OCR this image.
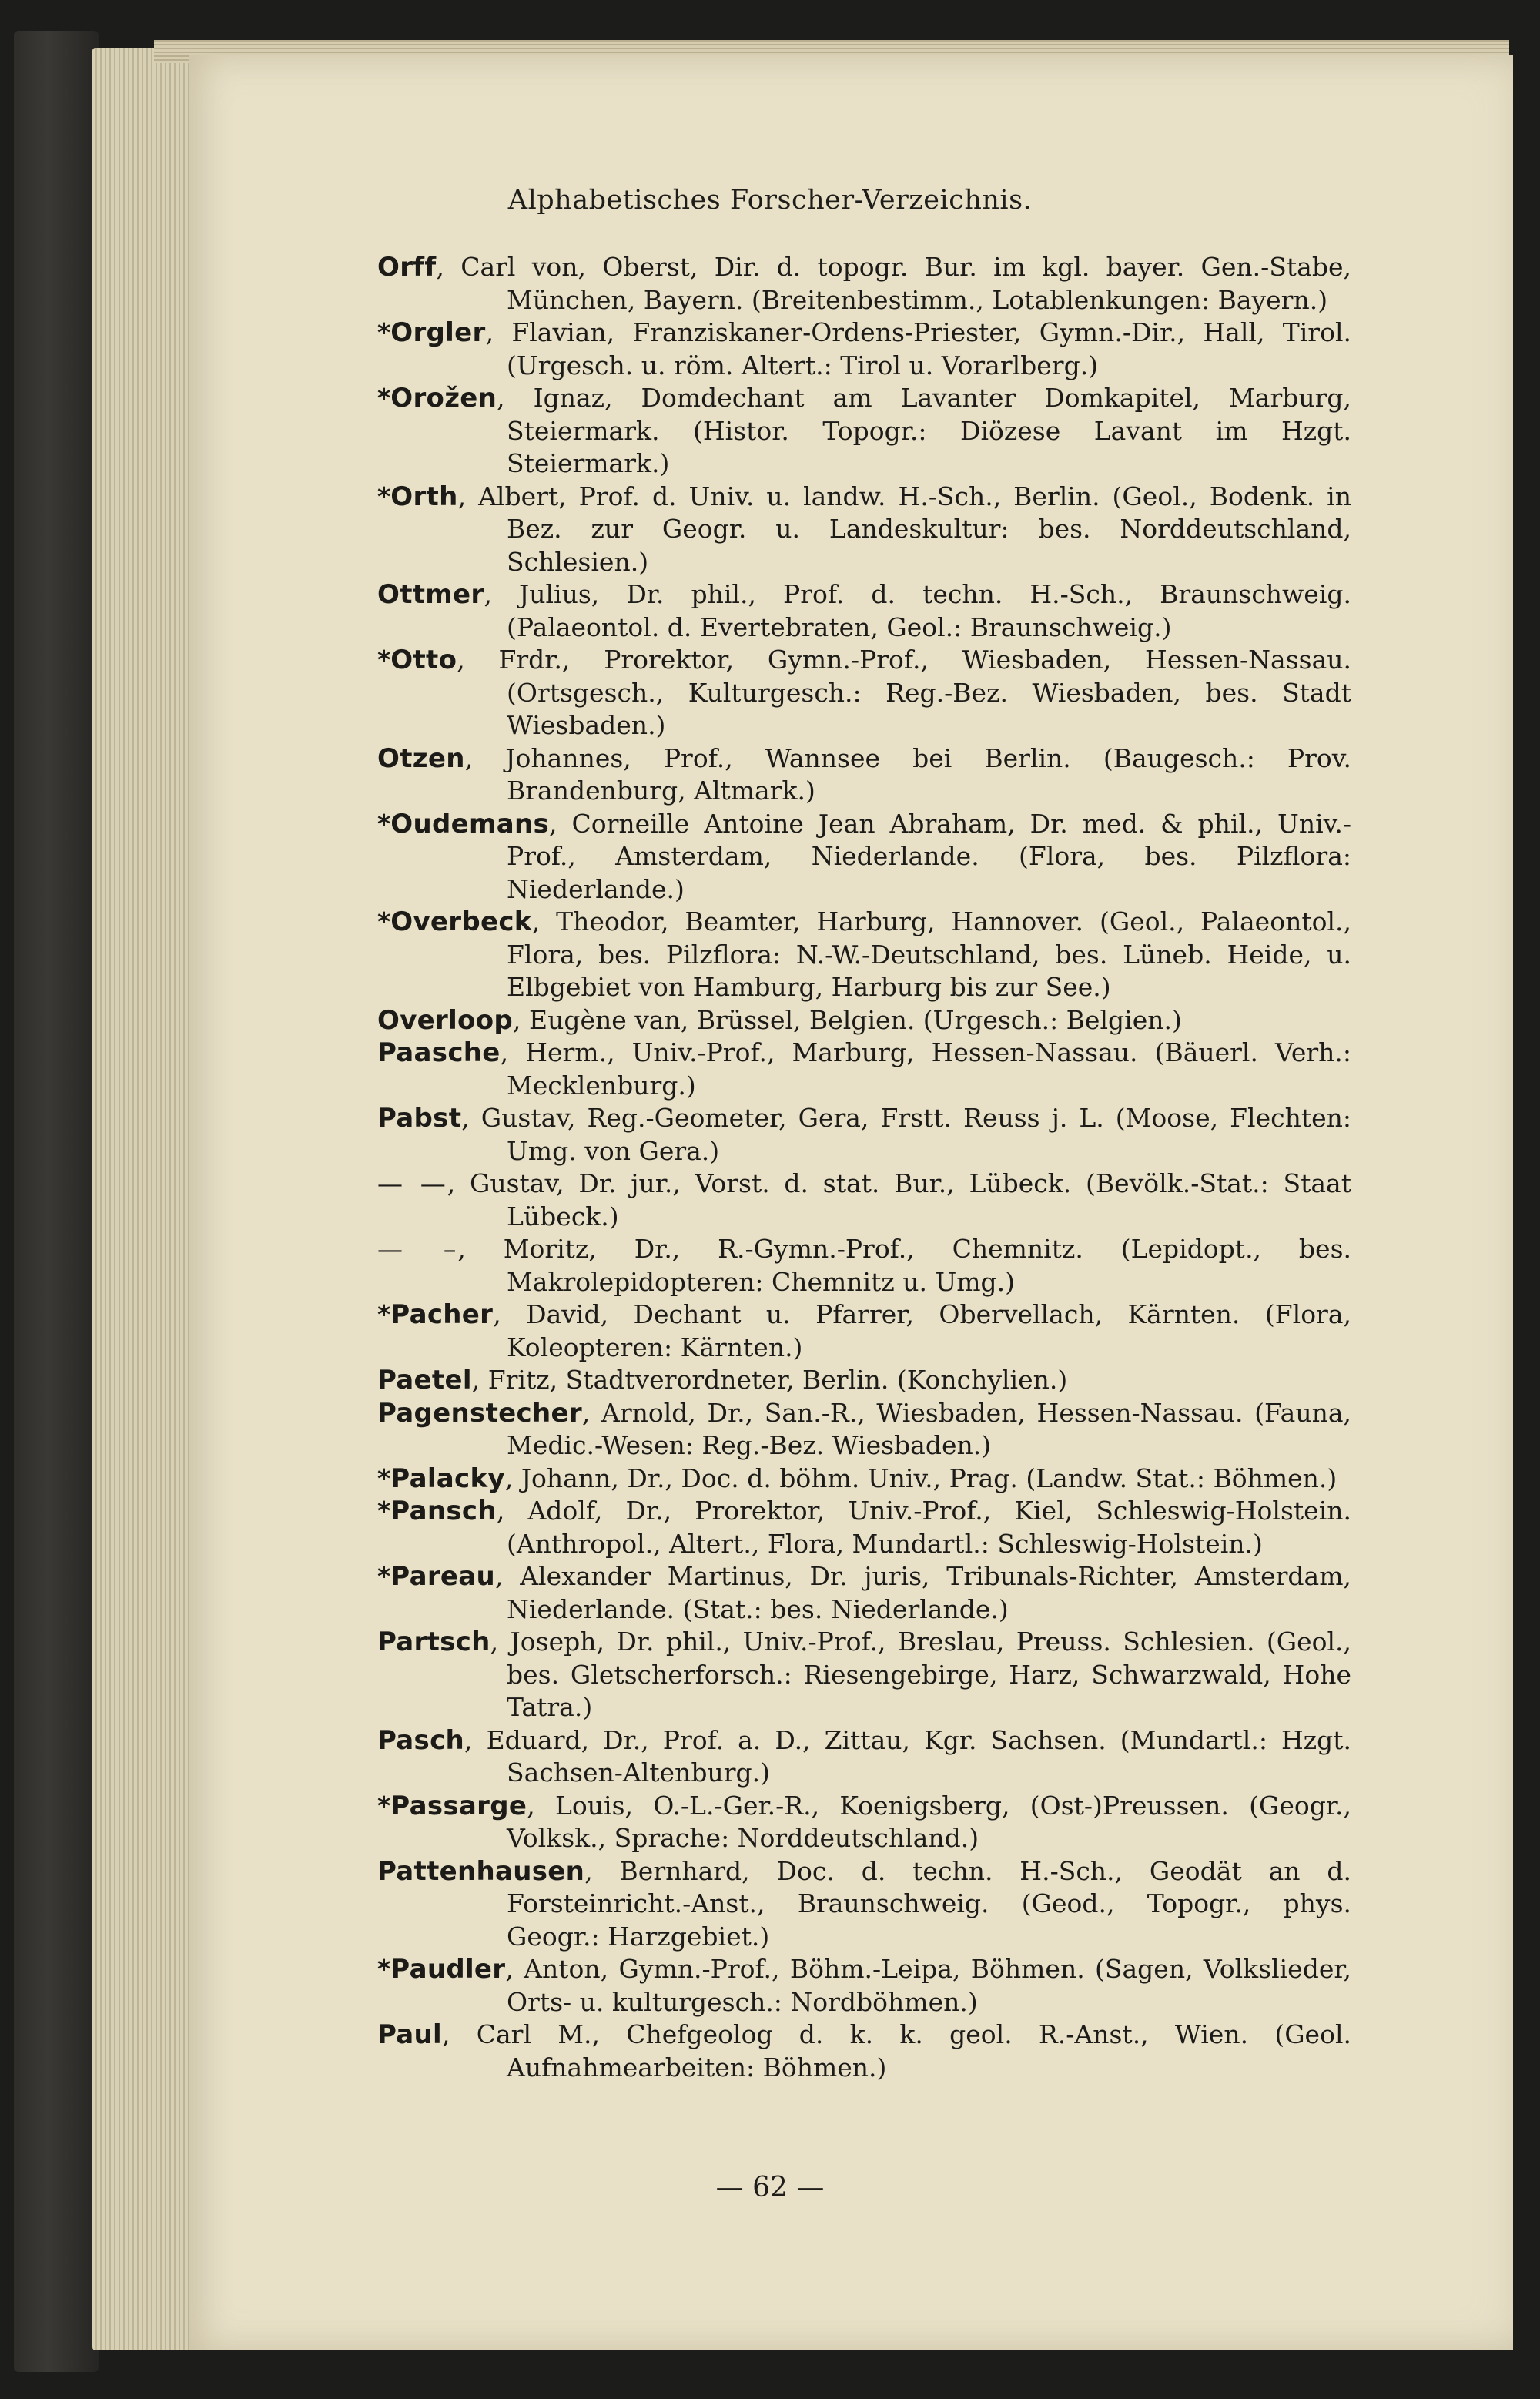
Alphabetisches Forscher-Verzeichnis.

Orff, Carl von, Oberst, Dir. d. topogr. Bur. im kgl. bayer. Gen.-Stabe, München, Bayern. (Breitenbestimm., Lotablenkungen: Bayern.)

*Orgler, Flavian, Franziskaner-Ordens-Priester, Gymn.-Dir., Hall, Tirol. (Urgesch. u. röm. Altert.: Tirol u. Vorarlberg.)

*Orožen, Ignaz, Domdechant am Lavanter Domkapitel, Marburg, Steiermark. (Histor. Topogr.: Diözese Lavant im Hzgt. Steiermark.)

*Orth, Albert, Prof. d. Univ. u. landw. H.-Sch., Berlin. (Geol., Bodenk. in Bez. zur Geogr. u. Landeskultur: bes. Norddeutschland, Schlesien.)

Ottmer, Julius, Dr. phil., Prof. d. techn. H.-Sch., Braunschweig. (Palaeontol. d. Evertebraten, Geol.: Braunschweig.)

*Otto, Frdr., Prorektor, Gymn.-Prof., Wiesbaden, Hessen-Nassau. (Ortsgesch., Kulturgesch.: Reg.-Bez. Wiesbaden, bes. Stadt Wiesbaden.)

Otzen, Johannes, Prof., Wannsee bei Berlin. (Baugesch.: Prov. Brandenburg, Altmark.)

*Oudemans, Corneille Antoine Jean Abraham, Dr. med. & phil., Univ.-Prof., Amsterdam, Niederlande. (Flora, bes. Pilzflora: Niederlande.)

*Overbeck, Theodor, Beamter, Harburg, Hannover. (Geol., Palaeontol., Flora, bes. Pilzflora: N.-W.-Deutschland, bes. Lüneb. Heide, u. Elbgebiet von Hamburg, Harburg bis zur See.)

Overloop, Eugène van, Brüssel, Belgien. (Urgesch.: Belgien.)

Paasche, Herm., Univ.-Prof., Marburg, Hessen-Nassau. (Bäuerl. Verh.: Mecklenburg.)

Pabst, Gustav, Reg.-Geometer, Gera, Frstt. Reuss j. L. (Moose, Flechten: Umg. von Gera.)

— —, Gustav, Dr. jur., Vorst. d. stat. Bur., Lübeck. (Bevölk.-Stat.: Staat Lübeck.)

— –, Moritz, Dr., R.-Gymn.-Prof., Chemnitz. (Lepidopt., bes. Makrolepidopteren: Chemnitz u. Umg.)

*Pacher, David, Dechant u. Pfarrer, Obervellach, Kärnten. (Flora, Koleopteren: Kärnten.)

Paetel, Fritz, Stadtverordneter, Berlin. (Konchylien.)

Pagenstecher, Arnold, Dr., San.-R., Wiesbaden, Hessen-Nassau. (Fauna, Medic.-Wesen: Reg.-Bez. Wiesbaden.)

*Palacky, Johann, Dr., Doc. d. böhm. Univ., Prag. (Landw. Stat.: Böhmen.)

*Pansch, Adolf, Dr., Prorektor, Univ.-Prof., Kiel, Schleswig-Holstein. (Anthropol., Altert., Flora, Mundartl.: Schleswig-Holstein.)

*Pareau, Alexander Martinus, Dr. juris, Tribunals-Richter, Amsterdam, Niederlande. (Stat.: bes. Niederlande.)

Partsch, Joseph, Dr. phil., Univ.-Prof., Breslau, Preuss. Schlesien. (Geol., bes. Gletscherforsch.: Riesengebirge, Harz, Schwarzwald, Hohe Tatra.)

Pasch, Eduard, Dr., Prof. a. D., Zittau, Kgr. Sachsen. (Mundartl.: Hzgt. Sachsen-Altenburg.)

*Passarge, Louis, O.-L.-Ger.-R., Koenigsberg, (Ost-)Preussen. (Geogr., Volksk., Sprache: Norddeutschland.)

Pattenhausen, Bernhard, Doc. d. techn. H.-Sch., Geodät an d. Forsteinricht.-Anst., Braunschweig. (Geod., Topogr., phys. Geogr.: Harzgebiet.)

*Paudler, Anton, Gymn.-Prof., Böhm.-Leipa, Böhmen. (Sagen, Volkslieder, Orts- u. kulturgesch.: Nordböhmen.)

Paul, Carl M., Chefgeolog d. k. k. geol. R.-Anst., Wien. (Geol. Aufnahmearbeiten: Böhmen.)

— 62 —
